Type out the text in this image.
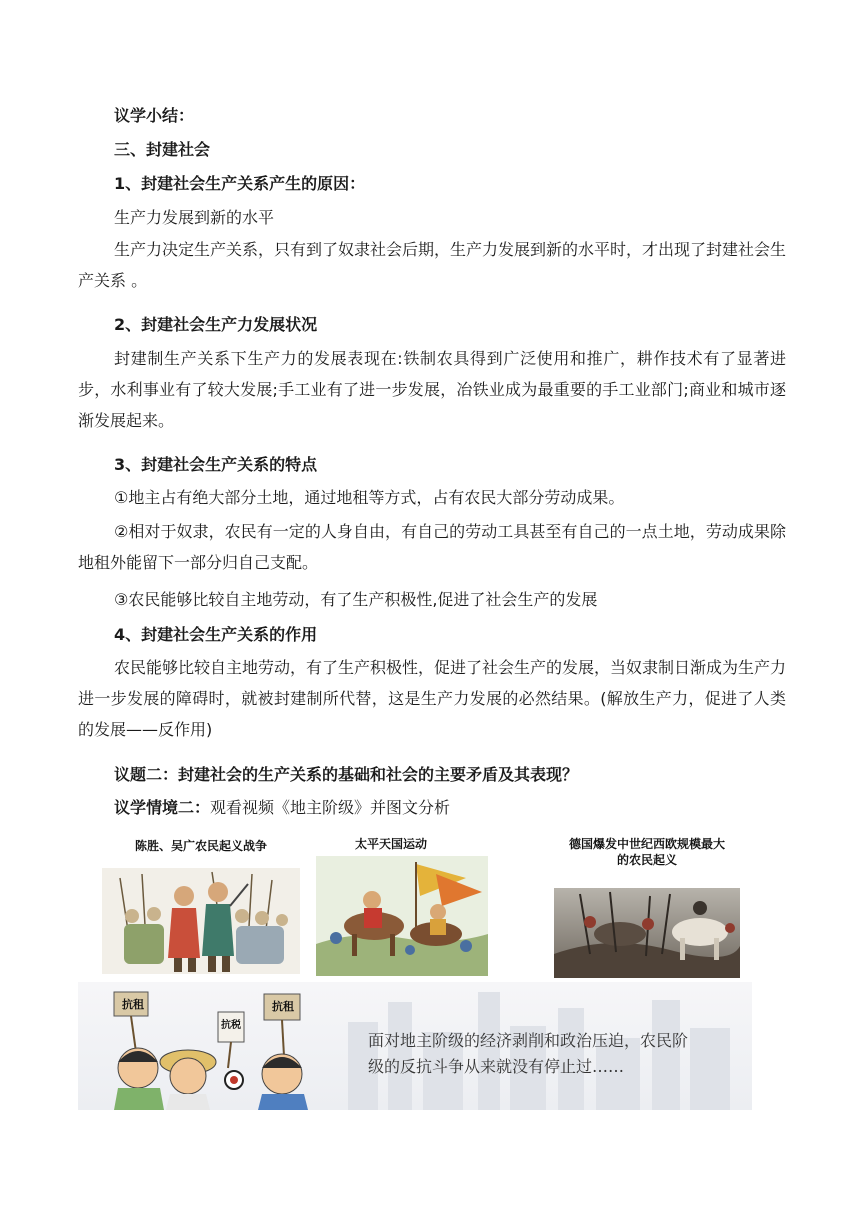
议学小结：
三、封建社会
1、封建社会生产关系产生的原因：
生产力发展到新的水平
生产力决定生产关系，只有到了奴隶社会后期，生产力发展到新的水平时，才出现了封建社会生产关系 。
2、封建社会生产力发展状况
封建制生产关系下生产力的发展表现在:铁制农具得到广泛使用和推广，耕作技术有了显著进步，水利事业有了较大发展;手工业有了进一步发展，冶铁业成为最重要的手工业部门;商业和城市逐渐发展起来。
3、封建社会生产关系的特点
①地主占有绝大部分土地，通过地租等方式，占有农民大部分劳动成果。
②相对于奴隶，农民有一定的人身自由，有自己的劳动工具甚至有自己的一点土地，劳动成果除地租外能留下一部分归自己支配。
③农民能够比较自主地劳动，有了生产积极性,促进了社会生产的发展
4、封建社会生产关系的作用
农民能够比较自主地劳动，有了生产积极性，促进了社会生产的发展，当奴隶制日渐成为生产力进一步发展的障碍时，就被封建制所代替，这是生产力发展的必然结果。(解放生产力，促进了人类的发展——反作用)
议题二：封建社会的生产关系的基础和社会的主要矛盾及其表现？
议学情境二：观看视频《地主阶级》并图文分析
陈胜、吴广农民起义战争	太平天国运动	德国爆发中世纪西欧规模最大
的农民起义
抗租
抗税
抗租
面对地主阶级的经济剥削和政治压迫，农民阶
级的反抗斗争从来就没有停止过……
